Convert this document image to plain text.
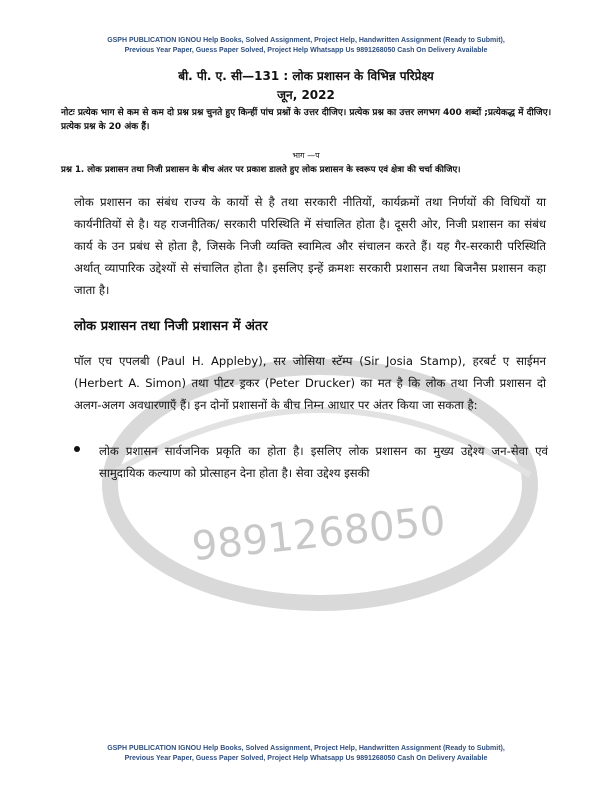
GSPH PUBLICATION IGNOU Help Books, Solved Assignment, Project Help, Handwritten Assignment (Ready to Submit),
Previous Year Paper, Guess Paper Solved, Project Help Whatsapp Us 9891268050 Cash On Delivery Available
9891268050
बी. पी. ए. सी—131 : लोक प्रशासन के विभिन्न परिप्रेक्ष्य
जून, 2022
नोटः प्रत्येक भाग से कम से कम दो प्रश्न प्रश्न चुनते हुए किन्हीं पांच प्रश्नों के उत्तर दीजिए। प्रत्येक प्रश्न का उत्तर लगभग 400 शब्दों ;प्रत्येकद्ध में दीजिए। प्रत्येक प्रश्न के 20 अंक हैं।
भाग —प
प्रश्न 1. लोक प्रशासन तथा निजी प्रशासन के बीच अंतर पर प्रकाश डालते हुए लोक प्रशासन के स्वरूप एवं क्षेत्रा की चर्चा कीजिए।
लोक प्रशासन का संबंध राज्य के कार्यो से है तथा सरकारी नीतियों, कार्यक्रमों तथा निर्णयों की विधियों या कार्यनीतियों से है। यह राजनीतिक/ सरकारी परिस्थिति में संचालित होता है। दूसरी ओर, निजी प्रशासन का संबंध कार्य के उन प्रबंध से होता है, जिसके निजी व्यक्ति स्वामित्व और संचालन करते हैं। यह गैर-सरकारी परिस्थिति अर्थात् व्यापारिक उद्देश्यों से संचालित होता है। इसलिए इन्हें क्रमशः सरकारी प्रशासन तथा बिजनैस प्रशासन कहा जाता है।
लोक प्रशासन तथा निजी प्रशासन में अंतर
पॉल एच एपलबी (Paul H. Appleby), सर जोसिया स्टॅम्प (Sir Josia Stamp), हरबर्ट ए साईमन (Herbert A. Simon) तथा पीटर ड्रकर (Peter Drucker) का मत है कि लोक तथा निजी प्रशासन दो अलग-अलग अवधारणाएँ हैं। इन दोनों प्रशासनों के बीच निम्न आधार पर अंतर किया जा सकता है:
लोक प्रशासन सार्वजनिक प्रकृति का होता है। इसलिए लोक प्रशासन का मुख्य उद्देश्य जन-सेवा एवं सामुदायिक कल्याण को प्रोत्साहन देना होता है। सेवा उद्देश्य इसकी
GSPH PUBLICATION IGNOU Help Books, Solved Assignment, Project Help, Handwritten Assignment (Ready to Submit),
Previous Year Paper, Guess Paper Solved, Project Help Whatsapp Us 9891268050 Cash On Delivery Available
